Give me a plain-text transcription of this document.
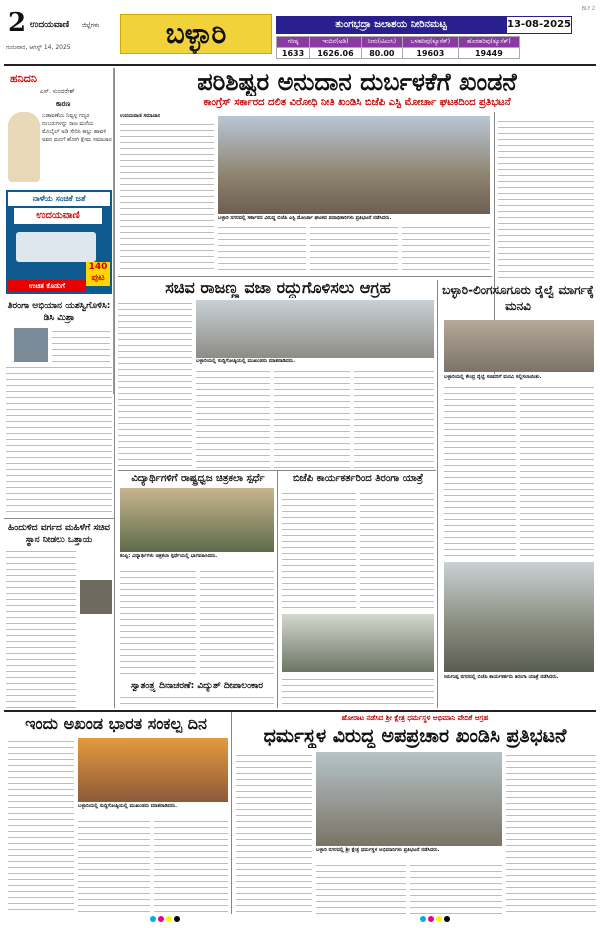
2 ಉದಯವಾಣಿ ಜಿಲ್ಲೆಗಳು
ಗುರುವಾರ, ಆಗಸ್ಟ್ 14, 2025	ಬಳ್ಳಾರಿ
BLY 2
ತುಂಗಭದ್ರಾ ಜಲಾಶಯ ನೀರಿನಮಟ್ಟ	13-08-2025
ಗರಿಷ್ಠ	ಇಂದಿನ(ಅಡಿ)	ನೀರು(ಟಿಎಂಸಿ)	ಒಳಹರಿವು(ಕ್ಯೂಸೆಕ್)	ಹೊರಹರಿವು(ಕ್ಯೂಸೆಕ್)
1633	1626.06	80.00	19603	19449
ಹನಿದನಿ
ಎಸ್. ಸುಂದರೇಶ್
ಕಾರಣ
ಬಡಾವಣೆಯ ನಿವ್ವಳ್ಳ ಗಣ್ಯರ ನಂಬರುಗಳನ್ನು ರಾಜ ಮನೆಯ ಮೊಬೈಲ್ ಅಡಿ ಸೇರಿಸಿ ಹಲ್ಲು ಹಾವಳಿ ಅವರ ಮನಗೆ ಹೋಗಿ ಕ್ಷೇಮ ಸಮಾಚಾರ
ನಾಳೆಯ ಸಂಚಿಕೆ ಜತೆ
ಉದಯವಾಣಿ
140 ಪುಟ
ಉಚಿತ ಕೊಡುಗೆ
ತಿರಂಗಾ ಅಭಿಯಾನ ಯಶಸ್ವಿಗೊಳಿಸಿ: ಡಿಸಿ ಮಿಶ್ರಾ
ಹಿಂದುಳಿದ ವರ್ಗದ ಮಹಿಳೆಗೆ ಸಚಿವ ಸ್ಥಾನ ನೀಡಲು ಒತ್ತಾಯ
ಪರಿಶಿಷ್ಟರ ಅನುದಾನ ದುರ್ಬಳಕೆಗೆ ಖಂಡನೆ
ಕಾಂಗ್ರೆಸ್ ಸರ್ಕಾರದ ದಲಿತ ವಿರೋಧಿ ನೀತಿ ಖಂಡಿಸಿ ಬಿಜೆಪಿ ಎಸ್ಟಿ ಮೋರ್ಚಾ ಘಟಕದಿಂದ ಪ್ರತಿಭಟನೆ
ಉದಯವಾಣಿ ಸಮಾಚಾರ
ಬಳ್ಳಾರಿ ನಗರದಲ್ಲಿ ಸರ್ಕಾರದ ವಿರುದ್ಧ ಬಿಜೆಪಿ ಎಸ್ಟಿ ಮೋರ್ಚಾ ಘಟಕದ ಪದಾಧಿಕಾರಿಗಳು ಪ್ರತಿಭಟನೆ ನಡೆಸಿದರು.
ಸಚಿವ ರಾಜಣ್ಣ ವಜಾ ರದ್ದುಗೊಳಿಸಲು ಆಗ್ರಹ
ಬಳ್ಳಾರಿಯಲ್ಲಿ ಸುದ್ದಿಗೋಷ್ಠಿಯಲ್ಲಿ ಮುಖಂಡರು ಮಾತನಾಡಿದರು.
ಬಳ್ಳಾರಿ-ಲಿಂಗಸೂಗೂರು ರೈಲ್ವೆ ಮಾರ್ಗಕ್ಕೆ ಮನವಿ
ಬಳ್ಳಾರಿಯಲ್ಲಿ ಕೇಂದ್ರ ರೈಲ್ವೆ ಸಚಿವರಿಗೆ ಮನವಿ ಸಲ್ಲಿಸಲಾಯಿತು.
ವಿದ್ಯಾರ್ಥಿಗಳಿಗೆ ರಾಷ್ಟ್ರಧ್ವಜ ಚಿತ್ರಕಲಾ ಸ್ಪರ್ಧೆ
ಕಂಪ್ಲಿ: ವಿದ್ಯಾರ್ಥಿಗಳು ಚಿತ್ರಕಲಾ ಸ್ಪರ್ಧೆಯಲ್ಲಿ ಭಾಗವಹಿಸಿದರು.
ಬಿಜೆಪಿ ಕಾರ್ಯಕರ್ತರಿಂದ ತಿರಂಗಾ ಯಾತ್ರೆ
ಸಿರುಗುಪ್ಪ ನಗರದಲ್ಲಿ ಬಿಜೆಪಿ ಕಾರ್ಯಕರ್ತರು ತಿರಂಗಾ ಯಾತ್ರೆ ನಡೆಸಿದರು.
ಸ್ವಾತಂತ್ರ್ಯ ದಿನಾಚರಣೆ: ವಿದ್ಯುತ್ ದೀಪಾಲಂಕಾರ
ಇಂದು ಅಖಂಡ ಭಾರತ ಸಂಕಲ್ಪ ದಿನ
ಬಳ್ಳಾರಿಯಲ್ಲಿ ಸುದ್ದಿಗೋಷ್ಠಿಯಲ್ಲಿ ಮುಖಂಡರು ಮಾತನಾಡಿದರು.
ಹೋರಾಟ ನಡೆಸಿದ ಶ್ರೀ ಕ್ಷೇತ್ರ ಧರ್ಮಸ್ಥಳ ಅಭಿಮಾನಿ ವೇದಿಕೆ ಆಗ್ರಹ
ಧರ್ಮಸ್ಥಳ ವಿರುದ್ಧ ಅಪಪ್ರಚಾರ ಖಂಡಿಸಿ ಪ್ರತಿಭಟನೆ
ಬಳ್ಳಾರಿ ನಗರದಲ್ಲಿ ಶ್ರೀ ಕ್ಷೇತ್ರ ಧರ್ಮಸ್ಥಳ ಅಭಿಮಾನಿಗಳು ಪ್ರತಿಭಟನೆ ನಡೆಸಿದರು.
